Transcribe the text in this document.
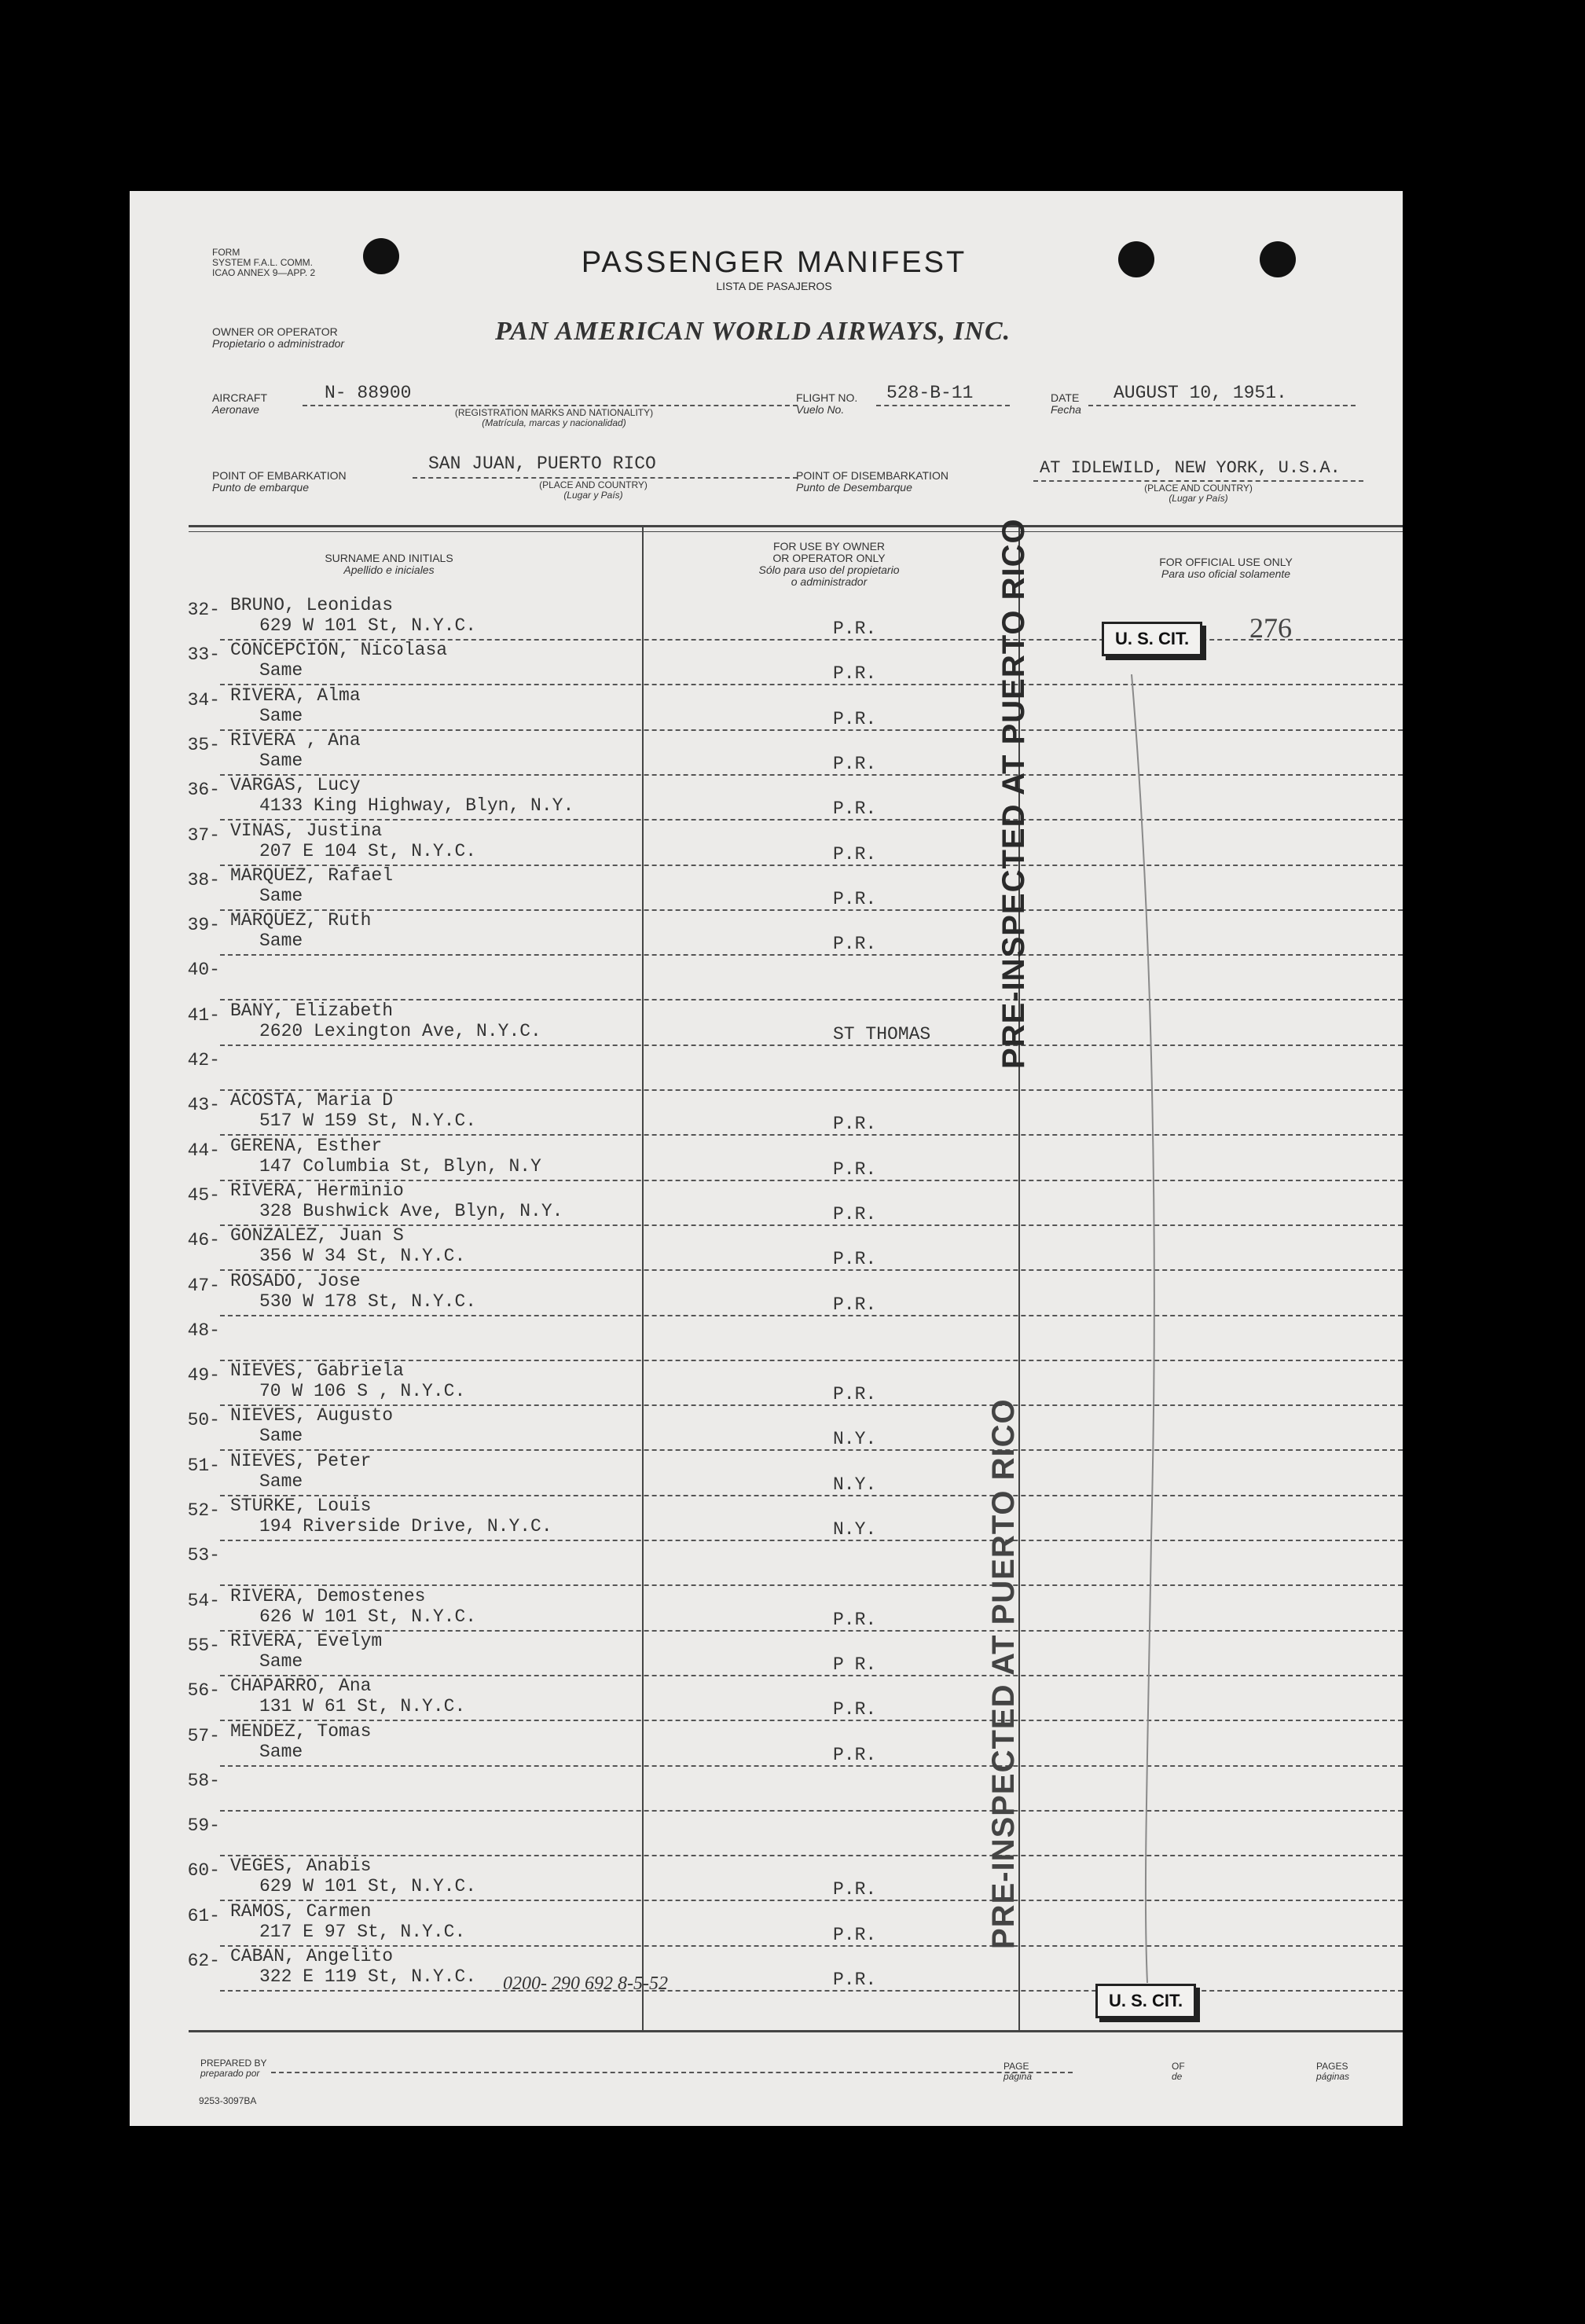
FORM
SYSTEM F.A.L. COMM.
ICAO ANNEX 9—APP. 2	PASSENGER MANIFEST
LISTA DE PASAJEROS
OWNER OR OPERATOR
Propietario o administrador	PAN AMERICAN WORLD AIRWAYS, INC.
AIRCRAFT
Aeronave
N- 88900
(REGISTRATION MARKS AND NATIONALITY)
(Matrícula, marcas y nacionalidad)
FLIGHT NO.
Vuelo No.
528-B-11	DATE
Fecha
AUGUST 10, 1951.
POINT OF EMBARKATION
Punto de embarque
SAN JUAN, PUERTO RICO
(PLACE AND COUNTRY)
(Lugar y País)
POINT OF DISEMBARKATION
Punto de Desembarque
AT IDLEWILD, NEW YORK, U.S.A.
(PLACE AND COUNTRY)
(Lugar y País)
SURNAME AND INITIALS
Apellido e iniciales
FOR USE BY OWNER
OR OPERATOR ONLY
Sólo para uso del propietario
o administrador
FOR OFFICIAL USE ONLY
Para uso oficial solamente
32- BRUNO, Leonidas
629 W 101 St, N.Y.C.	P.R.
33- CONCEPCION, Nicolasa
Same	P.R.
34- RIVERA, Alma
Same	P.R.
35- RIVERA , Ana
Same	P.R.
36- VARGAS, Lucy
4133 King Highway, Blyn, N.Y.	P.R.
37- VINAS, Justina
207 E 104 St, N.Y.C.	P.R.
38- MARQUEZ, Rafael
Same	P.R.
39- MARQUEZ, Ruth
Same	P.R.
40-
41- BANY, Elizabeth
2620 Lexington Ave, N.Y.C.	ST THOMAS
42-
43- ACOSTA, Maria D
517 W 159 St, N.Y.C.	P.R.
44- GERENA, Esther
147 Columbia St, Blyn, N.Y	P.R.
45- RIVERA, Herminio
328 Bushwick Ave, Blyn, N.Y.	P.R.
46- GONZALEZ, Juan S
356 W 34 St, N.Y.C.	P.R.
47- ROSADO, Jose
530 W 178 St, N.Y.C.	P.R.
48-
49- NIEVES, Gabriela
70 W 106 S , N.Y.C.	P.R.
50- NIEVES, Augusto
Same	N.Y.
51- NIEVES, Peter
Same	N.Y.
52- STURKE, Louis
194 Riverside Drive, N.Y.C.	N.Y.
53-
54- RIVERA, Demostenes
626 W 101 St, N.Y.C.	P.R.
55- RIVERA, Evelym
Same	P R.
56- CHAPARRO, Ana
131 W 61 St, N.Y.C.	P.R.
57- MENDEZ, Tomas
Same	P.R.
58-
59-
60- VEGES, Anabis
629 W 101 St, N.Y.C.	P.R.
61- RAMOS, Carmen
217 E 97 St, N.Y.C.	P.R.
62- CABAN, Angelito
322 E 119 St, N.Y.C.	P.R.
PRE-INSPECTED AT PUERTO RICO
PRE-INSPECTED AT PUERTO RICO
U. S. CIT.	276
U. S. CIT.
0200- 290 692 8-5-52
PREPARED BY
preparado por
PAGE
página
OF
de
PAGES
páginas
9253-3097BA
